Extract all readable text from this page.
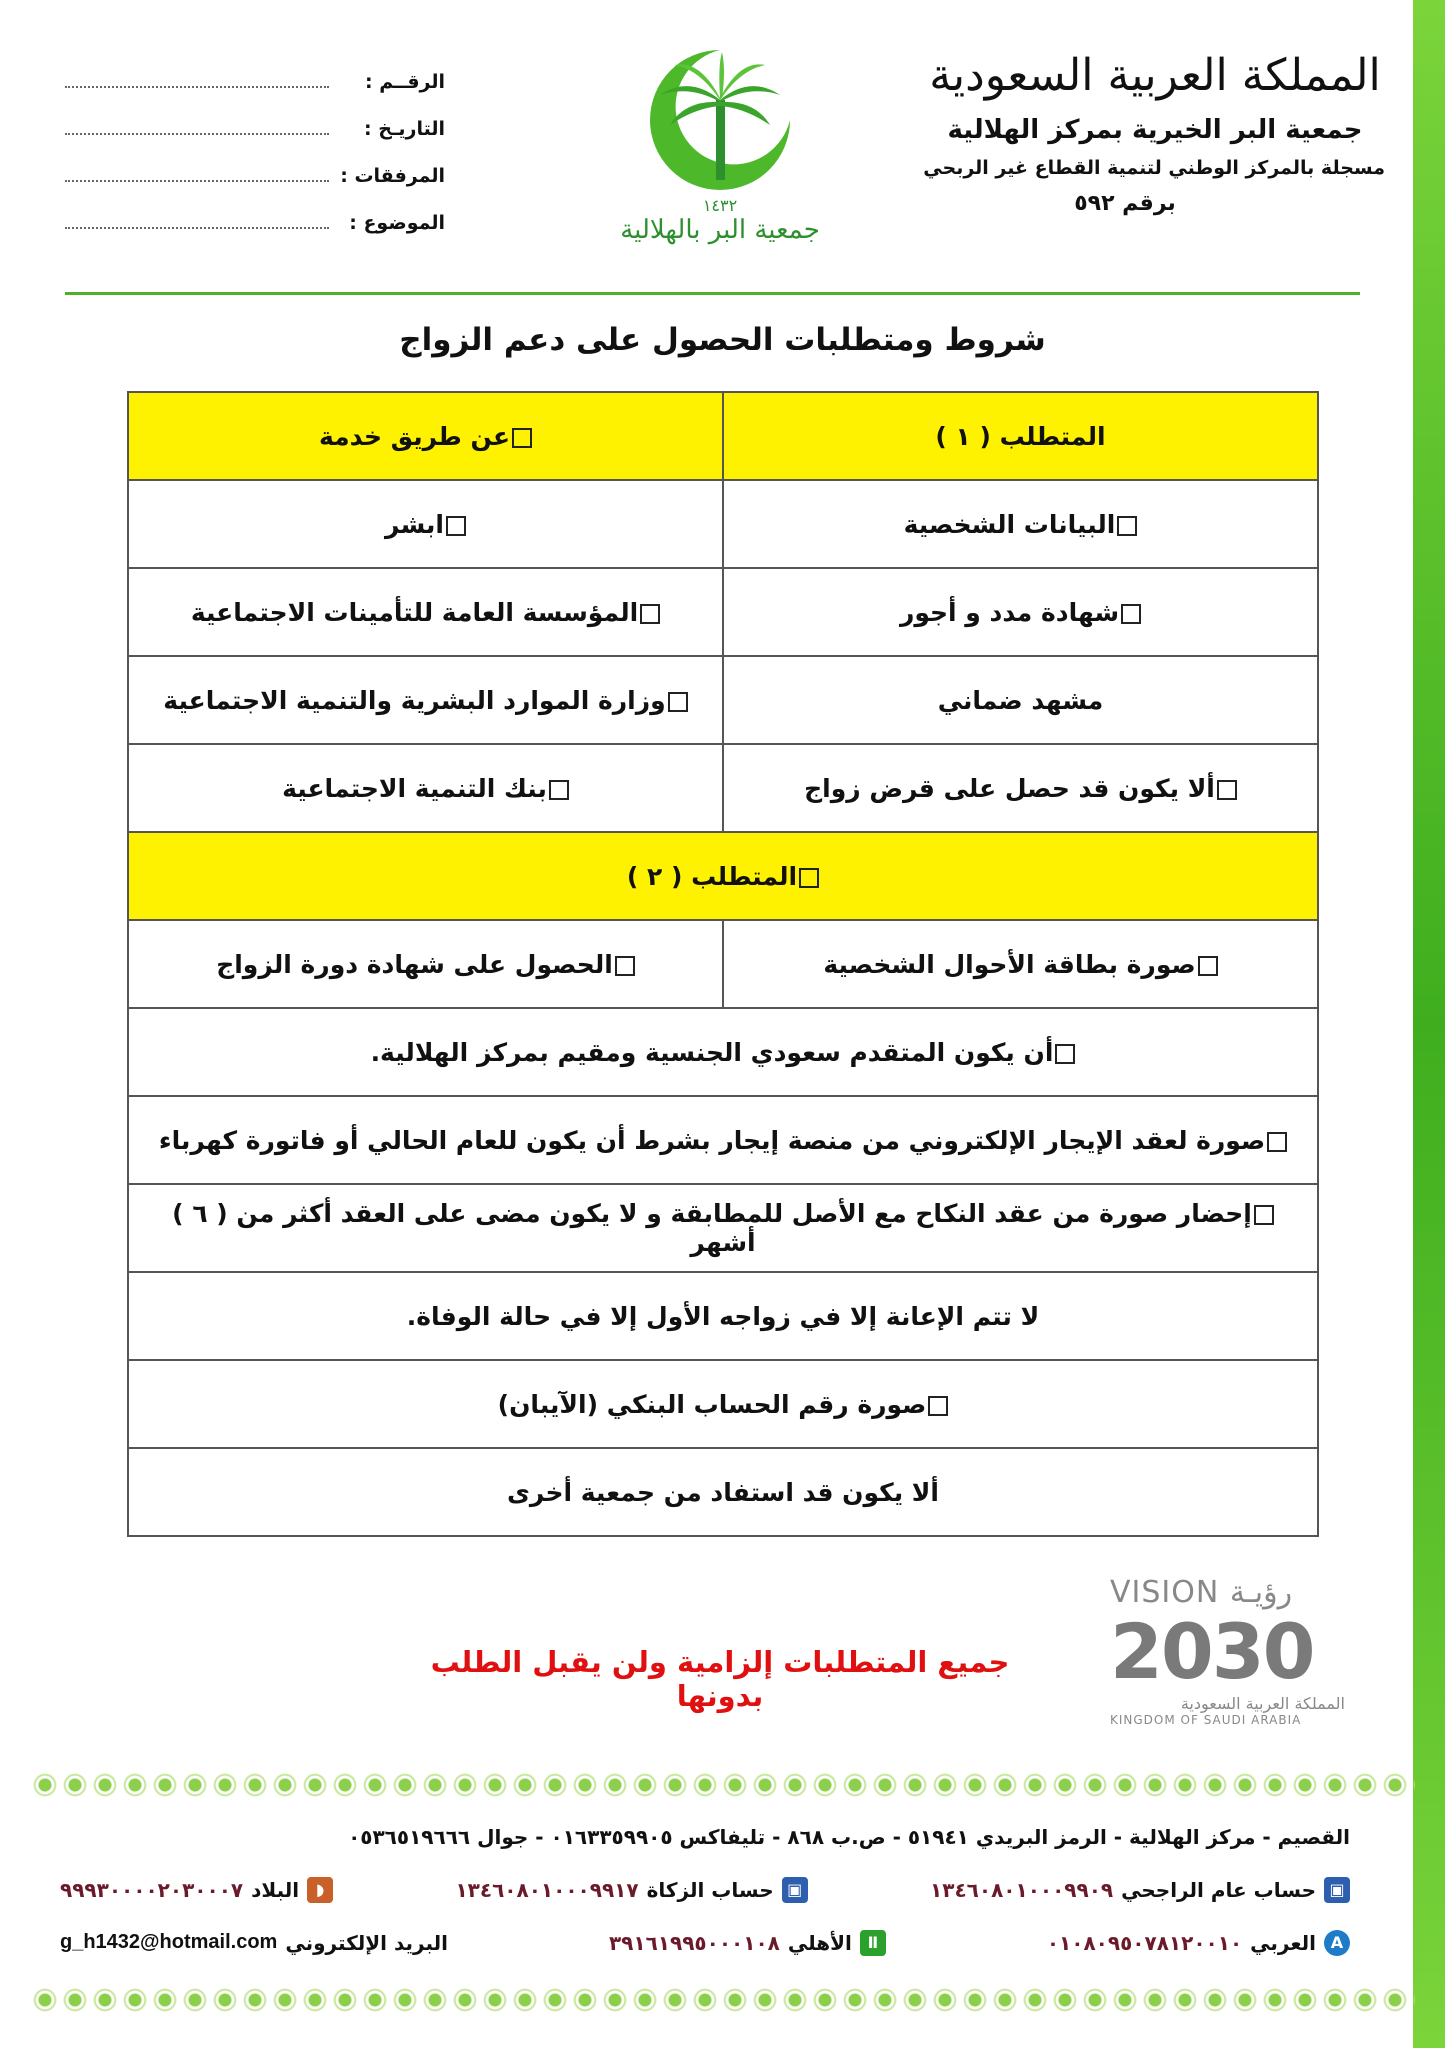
المملكة العربية السعودية
جمعية البر الخيرية بمركز الهلالية
مسجلة بالمركز الوطني لتنمية القطاع غير الربحي
برقم ٥٩٢
١٤٣٢
جمعية البر بالهلالية
الرقــم :
التاريـخ :
المرفقات :
الموضوع :
شروط ومتطلبات الحصول على دعم الزواج
المتطلب ( ١ )	عن طريق خدمة
البيانات الشخصية	ابشر
شهادة مدد و أجور	المؤسسة العامة للتأمينات الاجتماعية
مشهد ضماني	وزارة الموارد البشرية والتنمية الاجتماعية
ألا يكون قد حصل على قرض زواج	بنك التنمية الاجتماعية
المتطلب ( ٢ )	
صورة بطاقة الأحوال الشخصية	الحصول على شهادة دورة الزواج
أن يكون المتقدم سعودي الجنسية ومقيم بمركز الهلالية.	
صورة لعقد الإيجار الإلكتروني من منصة إيجار بشرط أن يكون للعام الحالي أو فاتورة كهرباء	
إحضار صورة من عقد النكاح مع الأصل للمطابقة و لا يكون مضى على العقد أكثر من ( ٦ ) أشهر	
لا تتم الإعانة إلا في زواجه الأول إلا في حالة الوفاة.	
صورة رقم الحساب البنكي (الآيبان)	
ألا يكون قد استفاد من جمعية أخرى	
VISION رؤيـة
2030
المملكة العربية السعودية
KINGDOM OF SAUDI ARABIA
جميع المتطلبات إلزامية ولن يقبل الطلب بدونها
القصيم - مركز الهلالية - الرمز البريدي ٥١٩٤١ - ص.ب ٨٦٨ - تليفاكس ٠١٦٣٣٥٩٩٠٥ - جوال ٠٥٣٦٥١٩٦٦٦
▣
حساب عام الراجحي
١٣٤٦٠٨٠١٠٠٠٩٩٠٩
▣
حساب الزكاة
١٣٤٦٠٨٠١٠٠٠٩٩١٧
◗
البلاد
٩٩٩٣٠٠٠٠٢٠٣٠٠٠٧
A
العربي
٠١٠٨٠٩٥٠٧٨١٢٠٠١٠
Ⅱ
الأهلي
٣٩١٦١٩٩٥٠٠٠١٠٨
البريد الإلكتروني
g_h1432@hotmail.com
